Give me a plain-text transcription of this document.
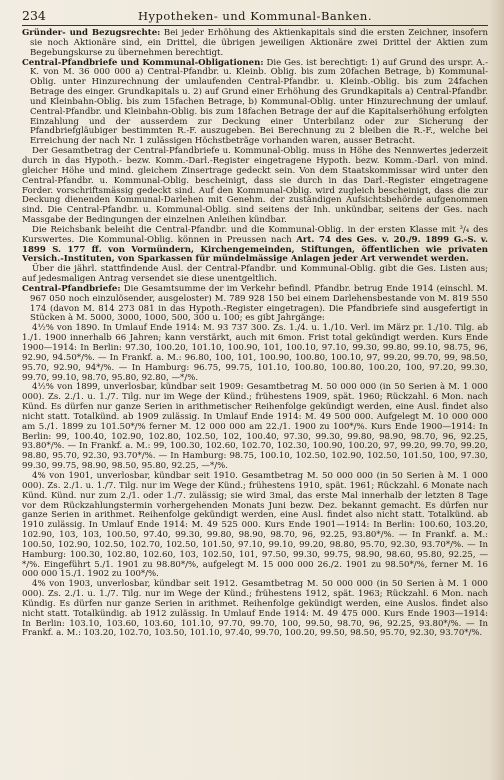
234	Hypotheken- und Kommunal-Banken.

Gründer- und Bezugsrechte: Bei jeder Erhöhung des Aktienkapitals sind die ersten Zeichner, insofern sie noch Aktionäre sind, ein Drittel, die übrigen jeweiligen Aktionäre zwei Drittel der Aktien zum Begebungskurse zu übernehmen berechtigt.

Central-Pfandbriefe und Kommunal-Obligationen: Die Ges. ist berechtigt: 1) auf Grund des urspr. A.-K. von M. 36 000 000 a) Central-Pfandbr. u. Kleinb. Oblig. bis zum 20fachen Betrage, b) Kommunal-Oblig. unter Hinzurechnung der umlaufenden Central-Pfandbr. u. Kleinb.-Oblig. bis zum 24fachen Betrage des einger. Grundkapitals u. 2) auf Grund einer Erhöhung des Grundkapitals a) Central-Pfandbr. und Kleinbahn-Oblig. bis zum 15fachen Betrage, b) Kommunal-Oblig. unter Hinzurechnung der umlauf. Central-Pfandbr. und Kleinbahn-Oblig. bis zum 18fachen Betrage der auf die Kapitalserhöhung erfolgten Einzahlung und der ausserdem zur Deckung einer Unterbilanz oder zur Sicherung der Pfandbriefgläubiger bestimmten R.-F. auszugeben. Bei Berechnung zu 2 bleiben die R.-F., welche bei Erreichung der nach Nr. 1 zulässigen Höchstbeträge vorhanden waren, ausser Betracht.

Der Gesamtbetrag der Central-Pfandbriefe u. Kommunal-Oblig. muss in Höhe des Nennwertes jederzeit durch in das Hypoth.- bezw. Komm.-Darl.-Register eingetragene Hypoth. bezw. Komm.-Darl. von mind. gleicher Höhe und mind. gleichem Zinsertrage gedeckt sein. Von dem Staatskommissar wird unter den Central-Pfandbr. u. Kommunal-Oblig. bescheinigt, dass sie durch in das Darl.-Register eingetragene Forder. vorschriftsmässig gedeckt sind. Auf den Kommunal-Oblig. wird zugleich bescheinigt, dass die zur Deckung dienenden Kommunal-Darlehen mit Genehm. der zuständigen Aufsichtsbehörde aufgenommen sind. Die Central-Pfandbr. u. Kommunal-Oblig. sind seitens der Inh. unkündbar, seitens der Ges. nach Massgabe der Bedingungen der einzelnen Anleihen kündbar.

Die Reichsbank beleiht die Central-Pfandbr. und die Kommunal-Oblig. in der ersten Klasse mit ³/₄ des Kurswertes. Die Kommunal-Oblig. können in Preussen nach Art. 74 des Ges. v. 20./9. 1899 G.-S. v. 1899 S. 177 ff. von Vormündern, Kirchengemeinden, Stiftungen, öffentlichen wie privaten Versich.-Instituten, von Sparkassen für mündelmässige Anlagen jeder Art verwendet werden.

Über die jährl. stattfindende Ausl. der Central-Pfandbr. und Kommunal-Oblig. gibt die Ges. Listen aus; auf jedesmaligen Antrag versendet sie diese unentgeltlich.

Central-Pfandbriefe: Die Gesamtsumme der im Verkehr befindl. Pfandbr. betrug Ende 1914 (einschl. M. 967 050 noch einzulösender, ausgeloster) M. 789 928 150 bei einem Darlehensbestande von M. 819 550 174 (davon M. 814 273 081 in das Hypoth.-Register eingetragen). Die Pfandbriefe sind ausgefertigt in Stücken à M. 5000, 3000, 1000, 500, 300 u. 100; es gibt Jahrgänge:

4½% von 1890. In Umlauf Ende 1914: M. 93 737 300. Zs. 1./4. u. 1./10. Verl. im März pr. 1./10. Tilg. ab 1./1. 1900 innerhalb 66 Jahren; kann verstärkt, auch mit 6mon. Frist total gekündigt werden. Kurs Ende 1900—1914: In Berlin: 97.30, 100.20, 101.10, 100.90, 101, 100.10, 97.10, 99.30, 99.80, 99.10, 98.75, 96, 92.90, 94.50*/%. — In Frankf. a. M.: 96.80, 100, 101, 100.90, 100.80, 100.10, 97, 99.20, 99.70, 99, 98.50, 95.70, 92.90, 94*/%. — In Hamburg: 96.75, 99.75, 101.10, 100.80, 100.80, 100.20, 100, 97.20, 99.30, 99.70, 99.10, 98.70, 95.80, 92.80, —*/%.

4½% von 1899, unverlosbar, kündbar seit 1909: Gesamtbetrag M. 50 000 000 (in 50 Serien à M. 1 000 000). Zs. 2./1. u. 1./7. Tilg. nur im Wege der Künd.; frühestens 1909, spät. 1960; Rückzahl. 6 Mon. nach Künd. Es dürfen nur ganze Serien in arithmetischer Reihenfolge gekündigt werden, eine Ausl. findet also nicht statt. Totalkünd. ab 1909 zulässig. In Umlauf Ende 1914: M. 49 500 000. Aufgelegt M. 10 000 000 am 5./1. 1899 zu 101.50*/% ferner M. 12 000 000 am 22./1. 1900 zu 100*/%. Kurs Ende 1900—1914: In Berlin: 99, 100.40, 102.90, 102.80, 102.50, 102, 100.40, 97.30, 99.30, 99.80, 98.90, 98.70, 96, 92.25, 93.80*/%. — In Frankf. a. M.: 99, 100.30, 102.60, 102.70, 102.30, 100.90, 100.20, 97, 99.20, 99.70, 99.20, 98.80, 95.70, 92.30, 93.70*/%. — In Hamburg: 98.75, 100.10, 102.50, 102.90, 102.50, 101.50, 100, 97.30, 99.30, 99.75, 98.90, 98.50, 95.80, 92.25, —*/%.

4% von 1901, unverlosbar, kündbar seit 1910. Gesamtbetrag M. 50 000 000 (in 50 Serien à M. 1 000 000). Zs. 2./1. u. 1./7. Tilg. nur im Wege der Künd.; frühestens 1910, spät. 1961; Rückzahl. 6 Monate nach Künd. Künd. nur zum 2./1. oder 1./7. zulässig; sie wird 3mal, das erste Mal innerhalb der letzten 8 Tage vor dem Rückzahlungstermin vorhergehenden Monats Juni bezw. Dez. bekannt gemacht. Es dürfen nur ganze Serien in arithmet. Reihenfolge gekündigt werden, eine Ausl. findet also nicht statt. Totalkünd. ab 1910 zulässig. In Umlauf Ende 1914: M. 49 525 000. Kurs Ende 1901—1914: In Berlin: 100.60, 103.20, 102.90, 103, 103, 100.50, 97.40, 99.30, 99.80, 98.90, 98.70, 96, 92.25, 93.80*/%. — In Frankf. a. M.: 100.50, 102.90, 102.50, 102.70, 102.50, 101.50, 97.10, 99.10, 99.20, 98.80, 95.70, 92.30, 93.70*/%. — In Hamburg: 100.30, 102.80, 102.60, 103, 102.50, 101, 97.50, 99.30, 99.75, 98.90, 98.60, 95.80, 92.25, —*/%. Eingeführt 5./1. 1901 zu 98.80*/%, aufgelegt M. 15 000 000 26./2. 1901 zu 98.50*/%, ferner M. 16 000 000 15./1. 1902 zu 100*/%.

4% von 1903, unverlosbar, kündbar seit 1912. Gesamtbetrag M. 50 000 000 (in 50 Serien à M. 1 000 000). Zs. 2./1. u. 1./7. Tilg. nur im Wege der Künd.; frühestens 1912, spät. 1963; Rückzahl. 6 Mon. nach Kündig. Es dürfen nur ganze Serien in arithmet. Reihenfolge gekündigt werden, eine Auslos. findet also nicht statt. Totalkündig. ab 1912 zulässig. In Umlauf Ende 1914: M. 49 475 000. Kurs Ende 1903—1914: In Berlin: 103.10, 103.60, 103.60, 101.10, 97.70, 99.70, 100, 99.50, 98.70, 96, 92.25, 93.80*/%. — In Frankf. a. M.: 103.20, 102.70, 103.50, 101.10, 97.40, 99.70, 100.20, 99.50, 98.50, 95.70, 92.30, 93.70*/%.
